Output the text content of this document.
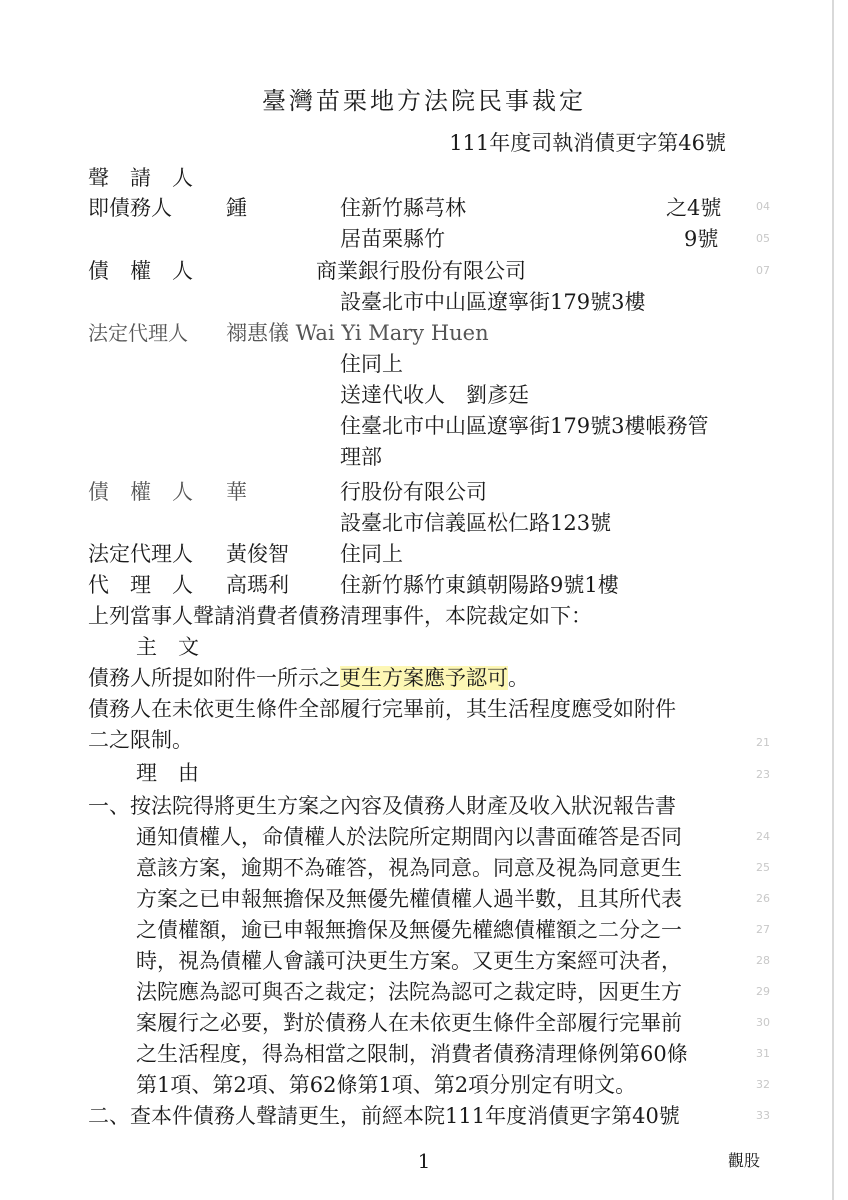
臺灣苗栗地方法院民事裁定
111年度司執消債更字第46號
聲　請　人
即債務人	鍾	住新竹縣芎林	之4號
居苗栗縣竹	9號
債　權　人	商業銀行股份有限公司
設臺北市中山區遼寧街179號3樓
法定代理人 禤惠儀 Wai Yi Mary Huen
住同上
送達代收人　劉彥廷
住臺北市中山區遼寧街179號3樓帳務管
理部
債　權　人 華	行股份有限公司
設臺北市信義區松仁路123號
法定代理人 黃俊智 住同上
代　理　人 高瑪利 住新竹縣竹東鎮朝陽路9號1樓
上列當事人聲請消費者債務清理事件，本院裁定如下：
主　文
債務人所提如附件一所示之更生方案應予認可。
債務人在未依更生條件全部履行完畢前，其生活程度應受如附件
二之限制。
理　由
一、按法院得將更生方案之內容及債務人財產及收入狀況報告書
通知債權人，命債權人於法院所定期間內以書面確答是否同
意該方案，逾期不為確答，視為同意。同意及視為同意更生
方案之已申報無擔保及無優先權債權人過半數，且其所代表
之債權額，逾已申報無擔保及無優先權總債權額之二分之一
時，視為債權人會議可決更生方案。又更生方案經可決者，
法院應為認可與否之裁定；法院為認可之裁定時，因更生方
案履行之必要，對於債務人在未依更生條件全部履行完畢前
之生活程度，得為相當之限制，消費者債務清理條例第60條
第1項、第2項、第62條第1項、第2項分別定有明文。
二、查本件債務人聲請更生，前經本院111年度消債更字第40號
04
05
07
21
23
24
25
26
27
28
29
30
31
32
33
1	觀股
